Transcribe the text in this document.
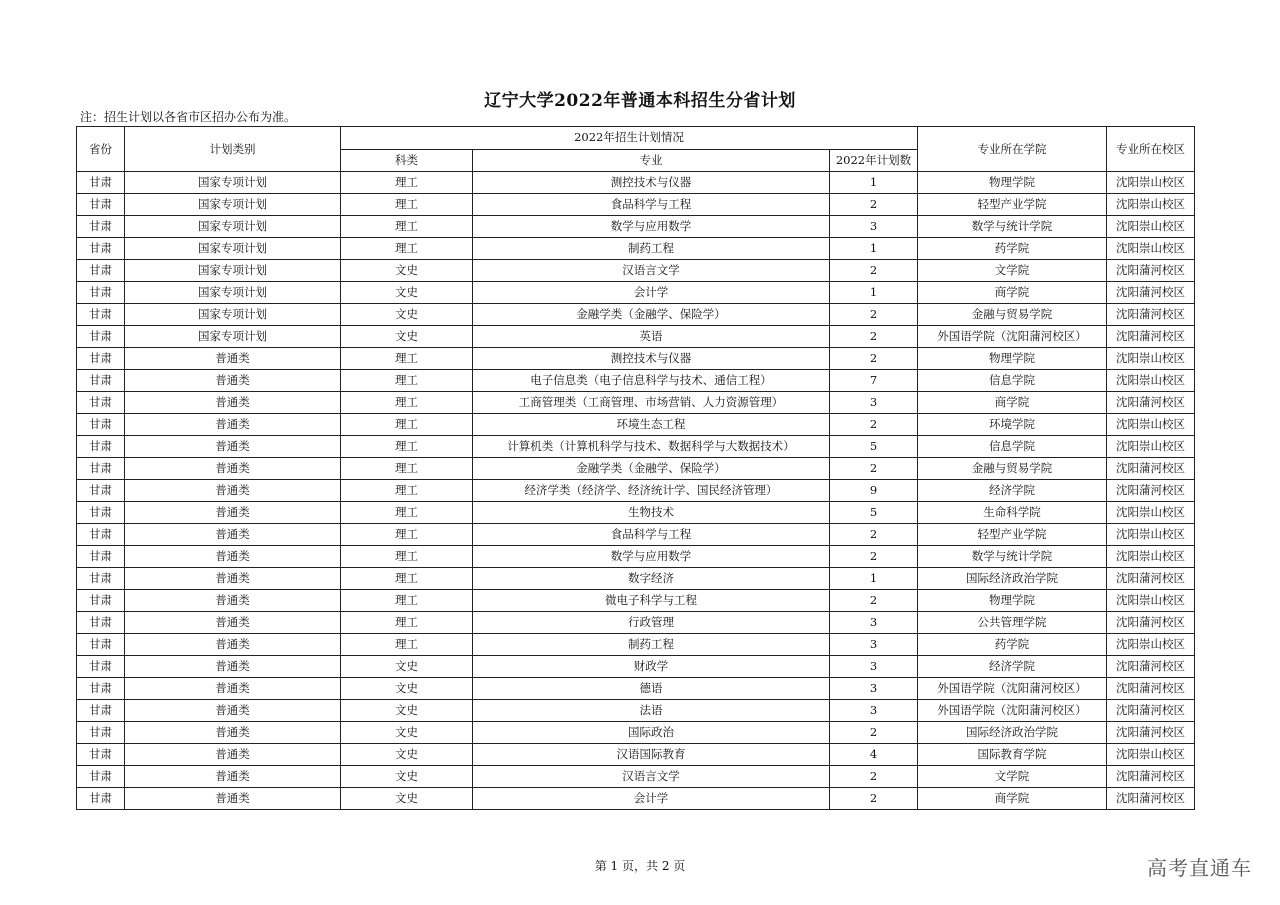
辽宁大学2022年普通本科招生分省计划
注：招生计划以各省市区招办公布为准。
省份	计划类别	2022年招生计划情况			专业所在学院	专业所在校区
		科类	专业	2022年计划数		
甘肃	国家专项计划	理工	测控技术与仪器	1	物理学院	沈阳崇山校区
甘肃	国家专项计划	理工	食品科学与工程	2	轻型产业学院	沈阳崇山校区
甘肃	国家专项计划	理工	数学与应用数学	3	数学与统计学院	沈阳崇山校区
甘肃	国家专项计划	理工	制药工程	1	药学院	沈阳崇山校区
甘肃	国家专项计划	文史	汉语言文学	2	文学院	沈阳蒲河校区
甘肃	国家专项计划	文史	会计学	1	商学院	沈阳蒲河校区
甘肃	国家专项计划	文史	金融学类（金融学、保险学）	2	金融与贸易学院	沈阳蒲河校区
甘肃	国家专项计划	文史	英语	2	外国语学院（沈阳蒲河校区）	沈阳蒲河校区
甘肃	普通类	理工	测控技术与仪器	2	物理学院	沈阳崇山校区
甘肃	普通类	理工	电子信息类（电子信息科学与技术、通信工程）	7	信息学院	沈阳崇山校区
甘肃	普通类	理工	工商管理类（工商管理、市场营销、人力资源管理）	3	商学院	沈阳蒲河校区
甘肃	普通类	理工	环境生态工程	2	环境学院	沈阳崇山校区
甘肃	普通类	理工	计算机类（计算机科学与技术、数据科学与大数据技术）	5	信息学院	沈阳崇山校区
甘肃	普通类	理工	金融学类（金融学、保险学）	2	金融与贸易学院	沈阳蒲河校区
甘肃	普通类	理工	经济学类（经济学、经济统计学、国民经济管理）	9	经济学院	沈阳蒲河校区
甘肃	普通类	理工	生物技术	5	生命科学院	沈阳崇山校区
甘肃	普通类	理工	食品科学与工程	2	轻型产业学院	沈阳崇山校区
甘肃	普通类	理工	数学与应用数学	2	数学与统计学院	沈阳崇山校区
甘肃	普通类	理工	数字经济	1	国际经济政治学院	沈阳蒲河校区
甘肃	普通类	理工	微电子科学与工程	2	物理学院	沈阳崇山校区
甘肃	普通类	理工	行政管理	3	公共管理学院	沈阳蒲河校区
甘肃	普通类	理工	制药工程	3	药学院	沈阳崇山校区
甘肃	普通类	文史	财政学	3	经济学院	沈阳蒲河校区
甘肃	普通类	文史	德语	3	外国语学院（沈阳蒲河校区）	沈阳蒲河校区
甘肃	普通类	文史	法语	3	外国语学院（沈阳蒲河校区）	沈阳蒲河校区
甘肃	普通类	文史	国际政治	2	国际经济政治学院	沈阳蒲河校区
甘肃	普通类	文史	汉语国际教育	4	国际教育学院	沈阳崇山校区
甘肃	普通类	文史	汉语言文学	2	文学院	沈阳蒲河校区
甘肃	普通类	文史	会计学	2	商学院	沈阳蒲河校区
第 1 页，共 2 页	高考直通车
